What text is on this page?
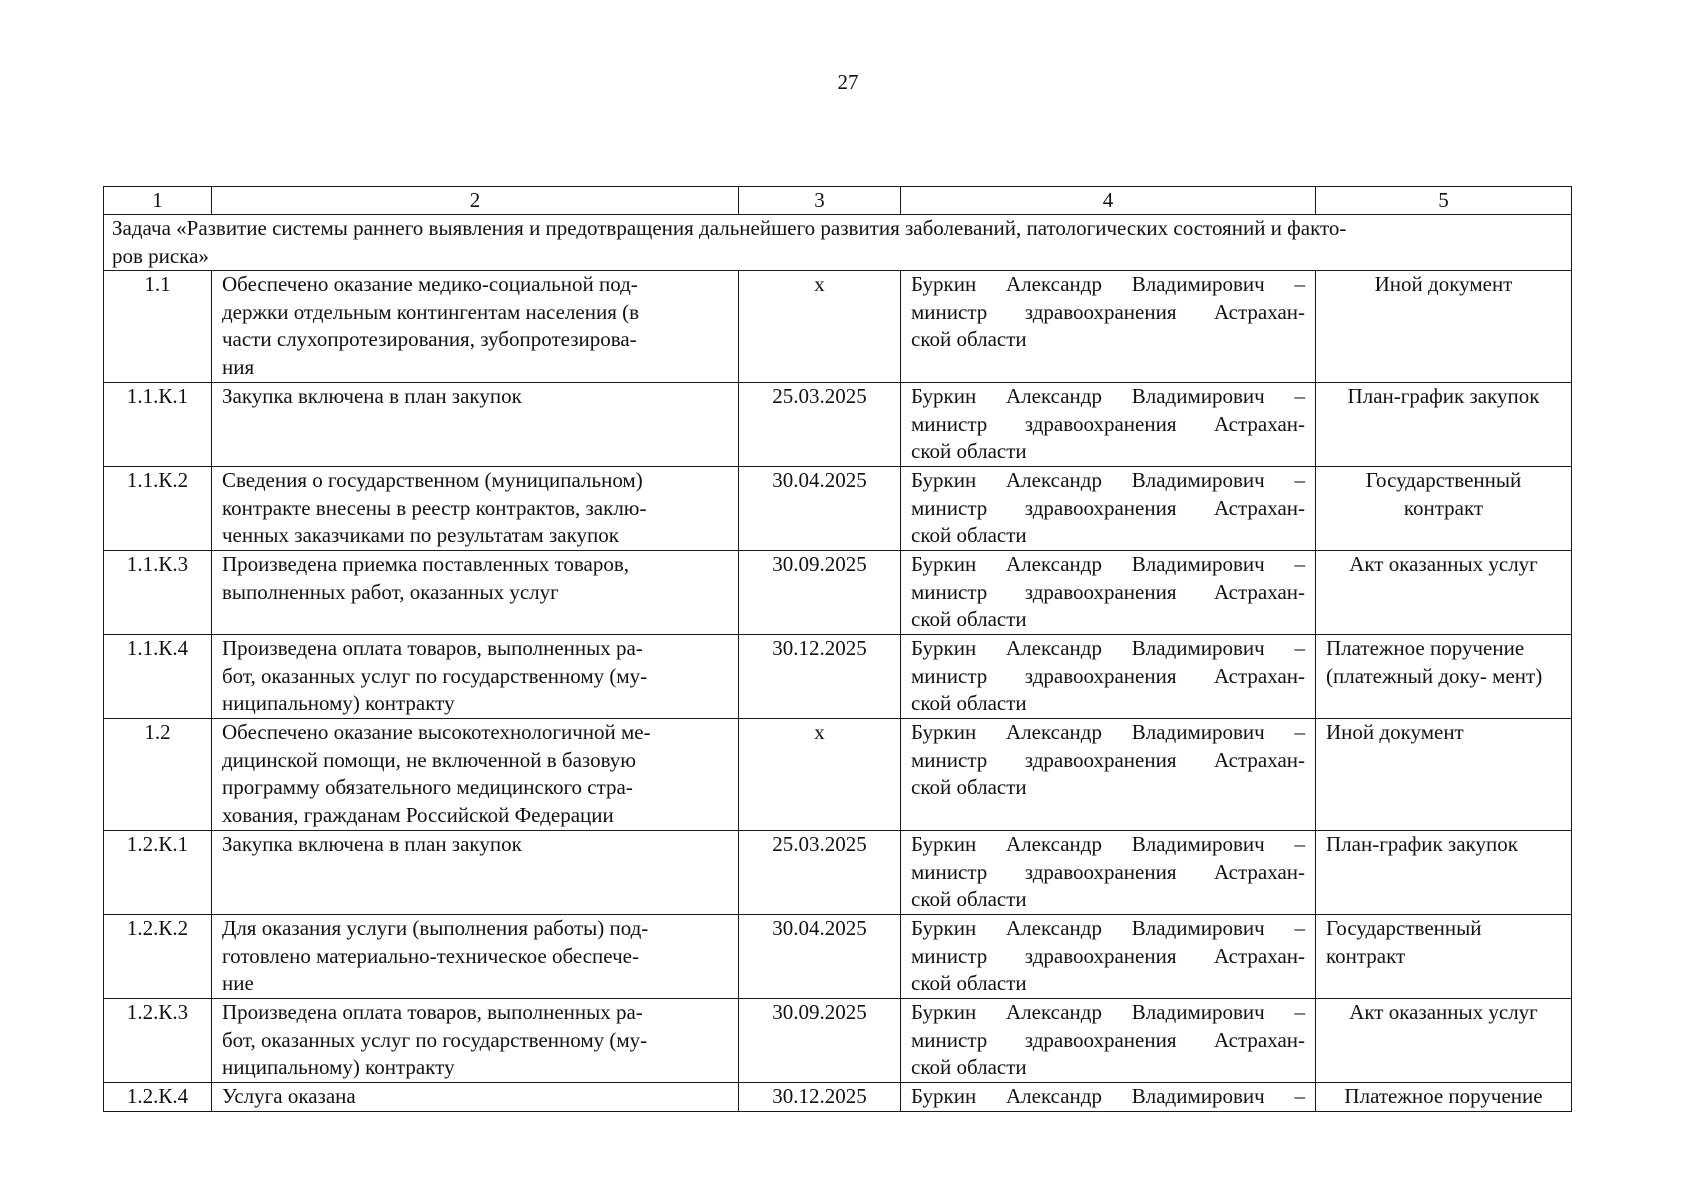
27
1	2	3	4	5

Задача «Развитие системы раннего выявления и предотвращения дальнейшего развития заболеваний, патологических состояний и факто-
ров риска»				

1.1	Обеспечено оказание медико-социальной под-
держки отдельным контингентам населения (в
части слухопротезирования, зубопротезирова-
ния	x	Буркин Александр Владимирович –
министр здравоохранения Астрахан-
ской области	Иной документ
1.1.К.1	Закупка включена в план закупок	25.03.2025	Буркин Александр Владимирович –
министр здравоохранения Астрахан-
ской области	План-график закупок
1.1.К.2	Сведения о государственном (муниципальном)
контракте внесены в реестр контрактов, заклю-
ченных заказчиками по результатам закупок	30.04.2025	Буркин Александр Владимирович –
министр здравоохранения Астрахан-
ской области	Государственный контракт
1.1.К.3	Произведена приемка поставленных товаров,
выполненных работ, оказанных услуг	30.09.2025	Буркин Александр Владимирович –
министр здравоохранения Астрахан-
ской области	Акт оказанных услуг
1.1.К.4	Произведена оплата товаров, выполненных ра-
бот, оказанных услуг по государственному (му-
ниципальному) контракту	30.12.2025	Буркин Александр Владимирович –
министр здравоохранения Астрахан-
ской области	Платежное поручение (платежный доку- мент)
1.2	Обеспечено оказание высокотехнологичной ме-
дицинской помощи, не включенной в базовую
программу обязательного медицинского стра-
хования, гражданам Российской Федерации	x	Буркин Александр Владимирович –
министр здравоохранения Астрахан-
ской области	Иной документ
1.2.К.1	Закупка включена в план закупок	25.03.2025	Буркин Александр Владимирович –
министр здравоохранения Астрахан-
ской области	План-график закупок
1.2.К.2	Для оказания услуги (выполнения работы) под-
готовлено материально-техническое обеспече-
ние	30.04.2025	Буркин Александр Владимирович –
министр здравоохранения Астрахан-
ской области	Государственный контракт
1.2.К.3	Произведена оплата товаров, выполненных ра-
бот, оказанных услуг по государственному (му-
ниципальному) контракту	30.09.2025	Буркин Александр Владимирович –
министр здравоохранения Астрахан-
ской области	Акт оказанных услуг
1.2.К.4	Услуга оказана	30.12.2025	Буркин Александр Владимирович –	Платежное поручение
